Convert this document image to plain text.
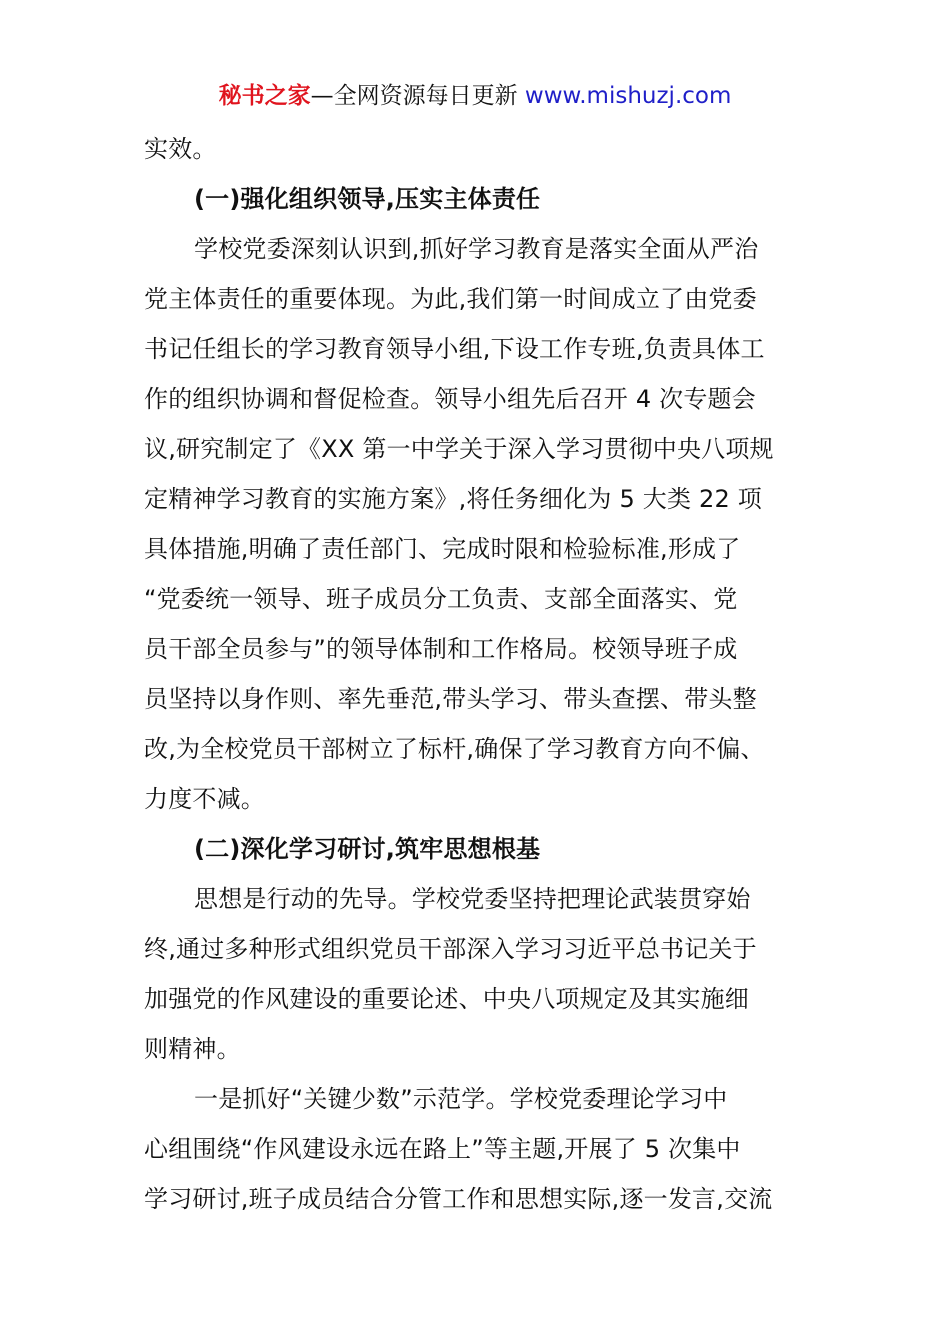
秘书之家—全网资源每日更新 www.mishuzj.com
实效。
(一)强化组织领导,压实主体责任
学校党委深刻认识到,抓好学习教育是落实全面从严治
党主体责任的重要体现。为此,我们第一时间成立了由党委
书记任组长的学习教育领导小组,下设工作专班,负责具体工
作的组织协调和督促检查。领导小组先后召开 4 次专题会
议,研究制定了《XX 第一中学关于深入学习贯彻中央八项规
定精神学习教育的实施方案》,将任务细化为 5 大类 22 项
具体措施,明确了责任部门、完成时限和检验标准,形成了
“党委统一领导、班子成员分工负责、支部全面落实、党
员干部全员参与”的领导体制和工作格局。校领导班子成
员坚持以身作则、率先垂范,带头学习、带头查摆、带头整
改,为全校党员干部树立了标杆,确保了学习教育方向不偏、
力度不减。
(二)深化学习研讨,筑牢思想根基
思想是行动的先导。学校党委坚持把理论武装贯穿始
终,通过多种形式组织党员干部深入学习习近平总书记关于
加强党的作风建设的重要论述、中央八项规定及其实施细
则精神。
一是抓好“关键少数”示范学。学校党委理论学习中
心组围绕“作风建设永远在路上”等主题,开展了 5 次集中
学习研讨,班子成员结合分管工作和思想实际,逐一发言,交流
